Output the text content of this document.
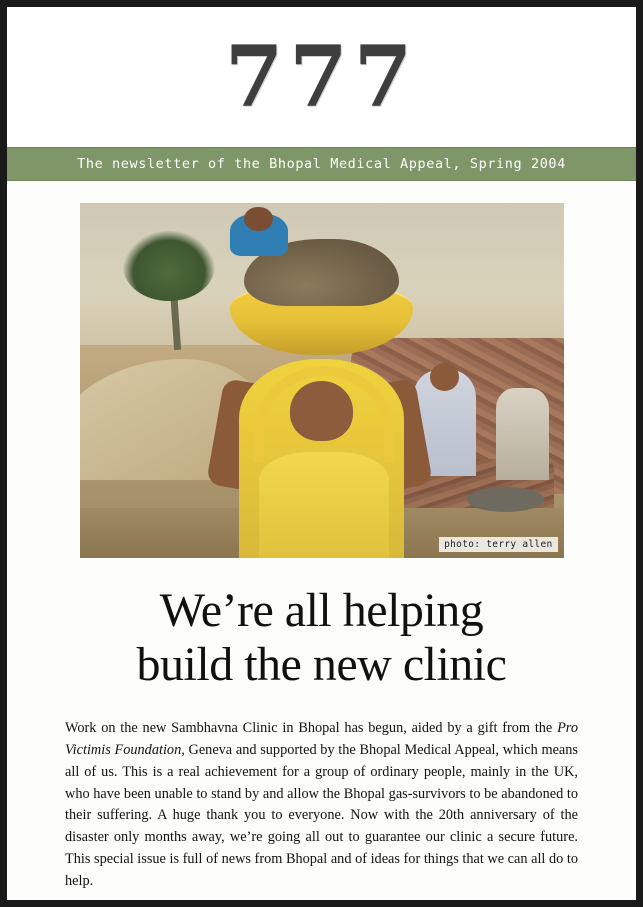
777
The newsletter of the Bhopal Medical Appeal, Spring 2004
photo: terry allen
We’re all helping
build the new clinic

Work on the new Sambhavna Clinic in Bhopal has begun, aided by a gift from the Pro Victimis Foundation, Geneva and supported by the Bhopal Medical Appeal, which means all of us. This is a real achievement for a group of ordinary people, mainly in the UK, who have been unable to stand by and allow the Bhopal gas-survivors to be abandoned to their suffering. A huge thank you to everyone. Now with the 20th anniversary of the disaster only months away, we’re going all out to guarantee our clinic a secure future. This special issue is full of news from Bhopal and of ideas for things that we can all do to help.
